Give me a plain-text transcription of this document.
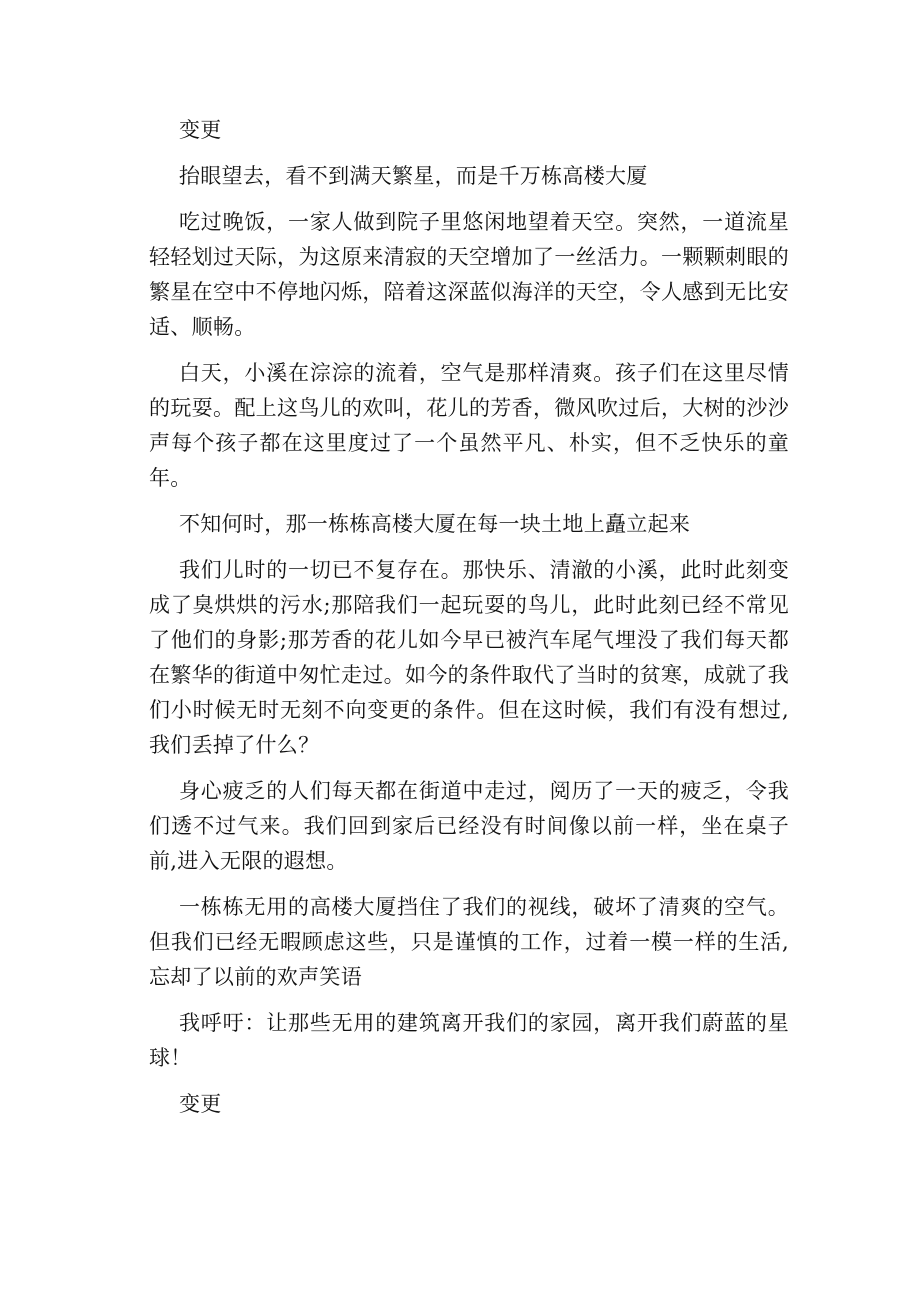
变更

抬眼望去，看不到满天繁星，而是千万栋高楼大厦

吃过晚饭，一家人做到院子里悠闲地望着天空。突然，一道流星轻轻划过天际，为这原来清寂的天空增加了一丝活力。一颗颗刺眼的繁星在空中不停地闪烁，陪着这深蓝似海洋的天空，令人感到无比安适、顺畅。

白天，小溪在淙淙的流着，空气是那样清爽。孩子们在这里尽情的玩耍。配上这鸟儿的欢叫，花儿的芳香，微风吹过后，大树的沙沙声每个孩子都在这里度过了一个虽然平凡、朴实，但不乏快乐的童年。

不知何时，那一栋栋高楼大厦在每一块土地上矗立起来

我们儿时的一切已不复存在。那快乐、清澈的小溪，此时此刻变成了臭烘烘的污水;那陪我们一起玩耍的鸟儿，此时此刻已经不常见了他们的身影;那芳香的花儿如今早已被汽车尾气埋没了我们每天都在繁华的街道中匆忙走过。如今的条件取代了当时的贫寒，成就了我们小时候无时无刻不向变更的条件。但在这时候，我们有没有想过,我们丢掉了什么？

身心疲乏的人们每天都在街道中走过，阅历了一天的疲乏，令我们透不过气来。我们回到家后已经没有时间像以前一样，坐在桌子前,进入无限的遐想。

一栋栋无用的高楼大厦挡住了我们的视线，破坏了清爽的空气。但我们已经无暇顾虑这些，只是谨慎的工作，过着一模一样的生活,忘却了以前的欢声笑语

我呼吁：让那些无用的建筑离开我们的家园，离开我们蔚蓝的星球！

变更
